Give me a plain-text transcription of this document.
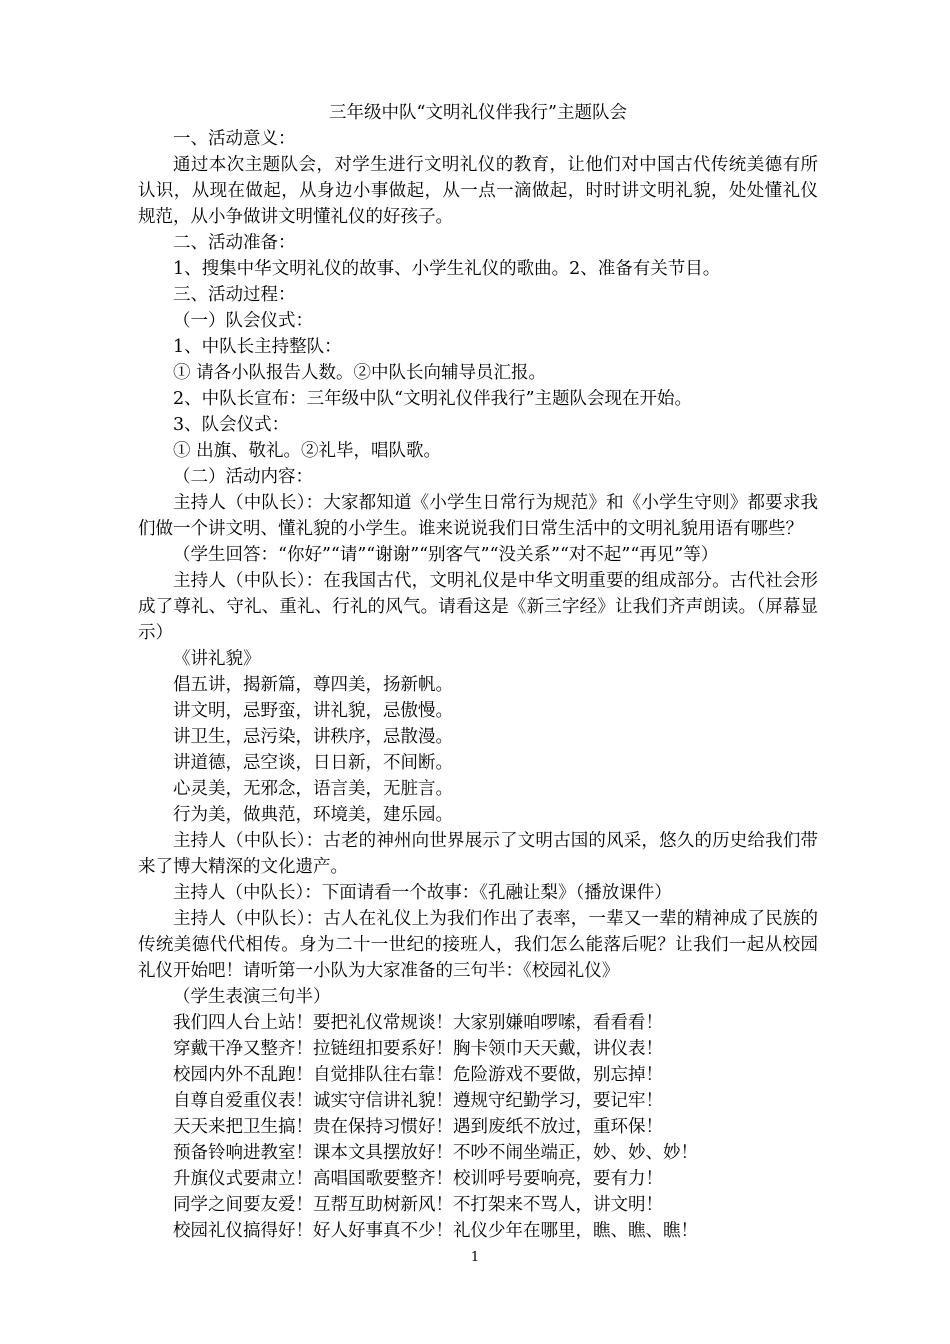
三年级中队“文明礼仪伴我行”主题队会
一、活动意义：
通过本次主题队会，对学生进行文明礼仪的教育，让他们对中国古代传统美德有所认识，从现在做起，从身边小事做起，从一点一滴做起，时时讲文明礼貌，处处懂礼仪规范，从小争做讲文明懂礼仪的好孩子。
二、活动准备：
1、搜集中华文明礼仪的故事、小学生礼仪的歌曲。2、准备有关节目。
三、活动过程：
（一）队会仪式：
1、中队长主持整队：
① 请各小队报告人数。②中队长向辅导员汇报。
2、中队长宣布：三年级中队“文明礼仪伴我行”主题队会现在开始。
3、队会仪式：
① 出旗、敬礼。②礼毕，唱队歌。
（二）活动内容：
主持人（中队长）：大家都知道《小学生日常行为规范》和《小学生守则》都要求我们做一个讲文明、懂礼貌的小学生。谁来说说我们日常生活中的文明礼貌用语有哪些？
（学生回答：“你好”“请”“谢谢”“别客气”“没关系”“对不起”“再见”等）
主持人（中队长）：在我国古代，文明礼仪是中华文明重要的组成部分。古代社会形成了尊礼、守礼、重礼、行礼的风气。请看这是《新三字经》让我们齐声朗读。（屏幕显示）
《讲礼貌》
倡五讲，揭新篇，尊四美，扬新帆。
讲文明，忌野蛮，讲礼貌，忌傲慢。
讲卫生，忌污染，讲秩序，忌散漫。
讲道德，忌空谈，日日新，不间断。
心灵美，无邪念，语言美，无脏言。
行为美，做典范，环境美，建乐园。
主持人（中队长）：古老的神州向世界展示了文明古国的风采，悠久的历史给我们带来了博大精深的文化遗产。
主持人（中队长）：下面请看一个故事：《孔融让梨》（播放课件）
主持人（中队长）：古人在礼仪上为我们作出了表率，一辈又一辈的精神成了民族的传统美德代代相传。身为二十一世纪的接班人，我们怎么能落后呢？让我们一起从校园礼仪开始吧！请听第一小队为大家准备的三句半：《校园礼仪》
（学生表演三句半）
我们四人台上站！要把礼仪常规谈！大家别嫌咱啰嗦，看看看！
穿戴干净又整齐！拉链纽扣要系好！胸卡领巾天天戴，讲仪表！
校园内外不乱跑！自觉排队往右靠！危险游戏不要做，别忘掉！
自尊自爱重仪表！诚实守信讲礼貌！遵规守纪勤学习，要记牢！
天天来把卫生搞！贵在保持习惯好！遇到废纸不放过，重环保！
预备铃响进教室！课本文具摆放好！不吵不闹坐端正，妙、妙、妙！
升旗仪式要肃立！高唱国歌要整齐！校训呼号要响亮，要有力！
同学之间要友爱！互帮互助树新风！不打架来不骂人，讲文明！
校园礼仪搞得好！好人好事真不少！礼仪少年在哪里，瞧、瞧、瞧！
1
